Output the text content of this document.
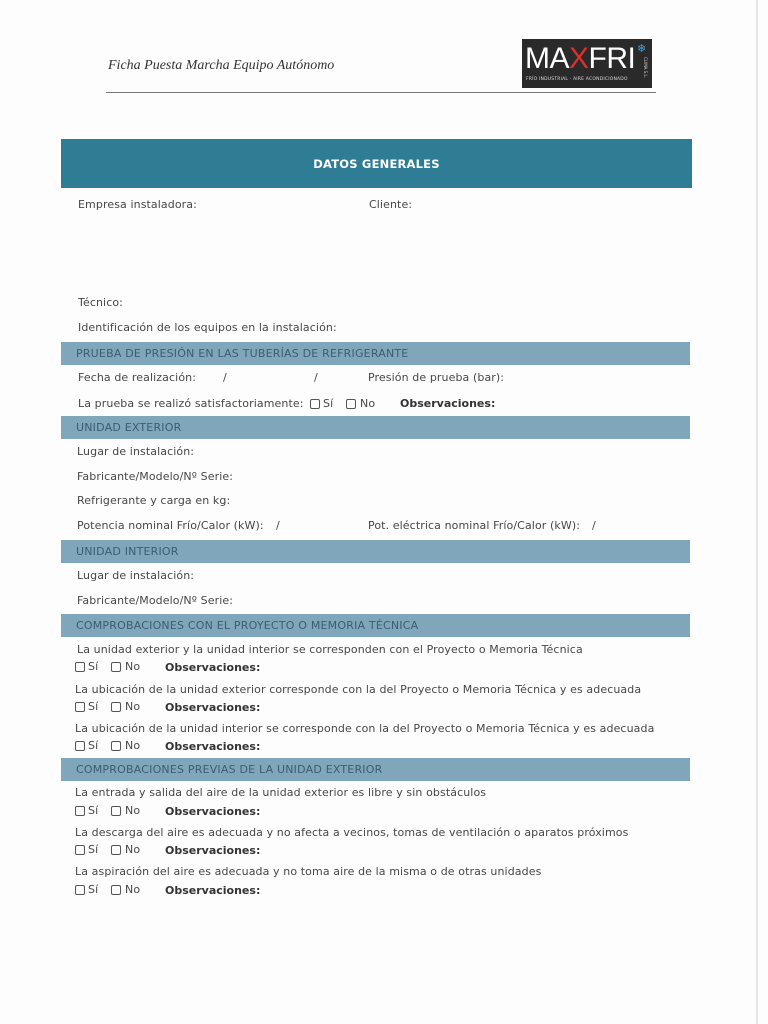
Ficha Puesta Marcha Equipo Autónomo	MAXFRI ❄
FRÍO INDUSTRIAL · AIRE ACONDICIONADO
CLIMA S.L.
DATOS GENERALES
Empresa instaladora:	Cliente:
Técnico:
Identificación de los equipos en la instalación:
PRUEBA DE PRESIÓN EN LAS TUBERÍAS DE REFRIGERANTE
Fecha de realización: /	/	Presión de prueba (bar):
La prueba se realizó satisfactoriamente: Sí No Observaciones:
UNIDAD EXTERIOR
Lugar de instalación:
Fabricante/Modelo/Nº Serie:
Refrigerante y carga en kg:
Potencia nominal Frío/Calor (kW): /	Pot. eléctrica nominal Frío/Calor (kW): /
UNIDAD INTERIOR
Lugar de instalación:
Fabricante/Modelo/Nº Serie:
COMPROBACIONES CON EL PROYECTO O MEMORIA TÉCNICA
La unidad exterior y la unidad interior se corresponden con el Proyecto o Memoria Técnica
Sí No Observaciones:
La ubicación de la unidad exterior corresponde con la del Proyecto o Memoria Técnica y es adecuada
Sí No Observaciones:
La ubicación de la unidad interior se corresponde con la del Proyecto o Memoria Técnica y es adecuada
Sí No Observaciones:
COMPROBACIONES PREVIAS DE LA UNIDAD EXTERIOR
La entrada y salida del aire de la unidad exterior es libre y sin obstáculos
Sí No Observaciones:
La descarga del aire es adecuada y no afecta a vecinos, tomas de ventilación o aparatos próximos
Sí No Observaciones:
La aspiración del aire es adecuada y no toma aire de la misma o de otras unidades
Sí No Observaciones:
